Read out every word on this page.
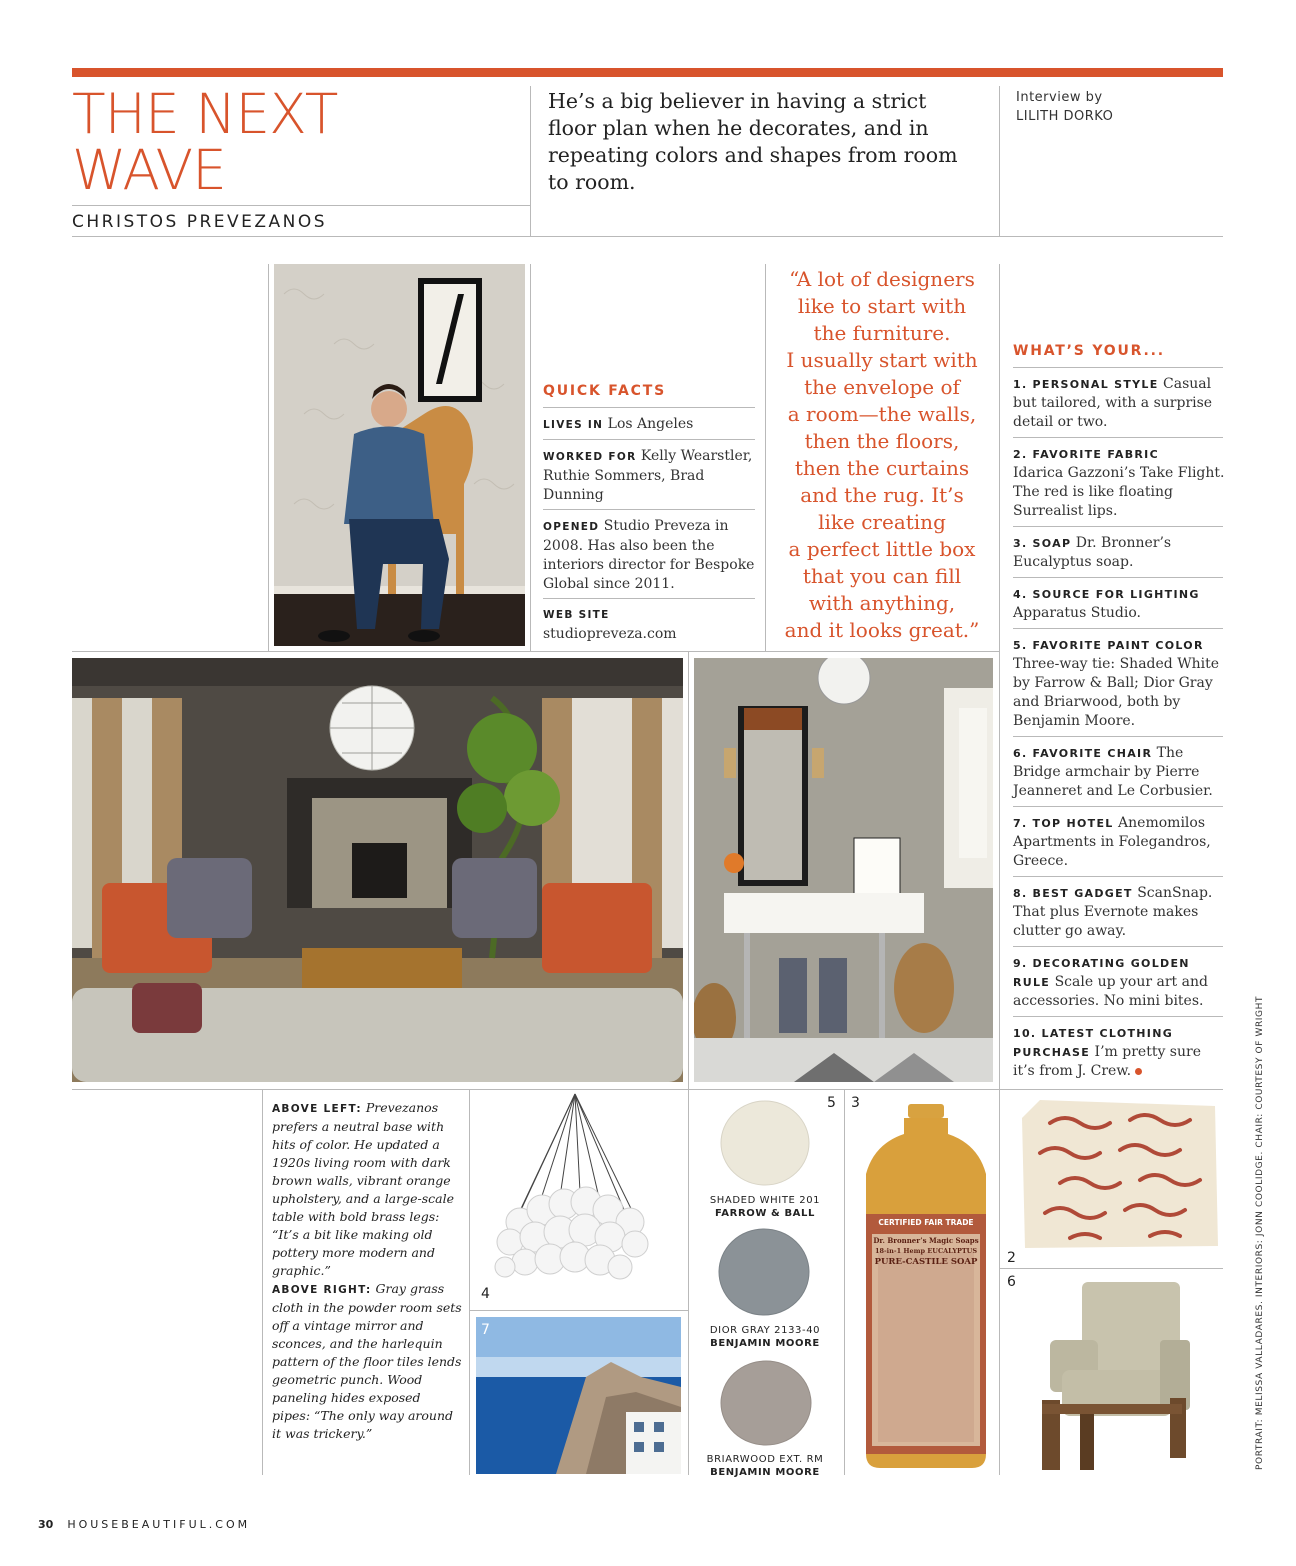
THE NEXT
WAVE
CHRISTOS PREVEZANOS
He’s a big believer in having a strict floor plan when he decorates, and in repeating colors and shapes from room to room.
Interview by
LILITH DORKO
QUICK FACTS
LIVES IN Los Angeles
WORKED FOR Kelly Wearstler, Ruthie Sommers, Brad Dunning
OPENED Studio Preveza in 2008. Has also been the interiors director for Bespoke Global since 2011.
WEB SITE
studiopreveza.com
“A lot of designers
like to start with
the furniture.
I usually start with
the envelope of
a room—the walls,
then the floors,
then the curtains
and the rug. It’s
like creating
a perfect little box
that you can fill
with anything,
and it looks great.”
WHAT’S YOUR...
1. PERSONAL STYLE Casual but tailored, with a surprise detail or two.
2. FAVORITE FABRIC
Idarica Gazzoni’s Take Flight. The red is like floating Surrealist lips.
3. SOAP Dr. Bronner’s Eucalyptus soap.
4. SOURCE FOR LIGHTING
Apparatus Studio.
5. FAVORITE PAINT COLOR
Three-way tie: Shaded White by Farrow & Ball; Dior Gray and Briarwood, both by Benjamin Moore.
6. FAVORITE CHAIR The Bridge armchair by Pierre Jeanneret and Le Corbusier.
7. TOP HOTEL Anemomilos Apartments in Folegandros, Greece.
8. BEST GADGET ScanSnap. That plus Evernote makes clutter go away.
9. DECORATING GOLDEN RULE Scale up your art and accessories. No mini bites.
10. LATEST CLOTHING PURCHASE I’m pretty sure it’s from J. Crew.
ABOVE LEFT: Prevezanos prefers a neutral base with hits of color. He updated a 1920s living room with dark brown walls, vibrant orange upholstery, and a large-scale table with bold brass legs: “It’s a bit like making old pottery more modern and graphic.”
ABOVE RIGHT: Gray grass cloth in the powder room sets off a vintage mirror and sconces, and the harlequin pattern of the floor tiles lends geometric punch. Wood paneling hides exposed pipes: “The only way around it was trickery.”
4
7
5
SHADED WHITE 201
FARROW & BALL
DIOR GRAY 2133-40
BENJAMIN MOORE
BRIARWOOD EXT. RM
BENJAMIN MOORE
3
CERTIFIED FAIR TRADE
Dr. Bronner’s Magic Soaps
18-in-1 Hemp EUCALYPTUS
PURE-CASTILE SOAP 2
6	PORTRAIT: MELISSA VALLADARES. INTERIORS: JONN COOLIDGE. CHAIR: COURTESY OF WRIGHT
30 HOUSEBEAUTIFUL.COM
